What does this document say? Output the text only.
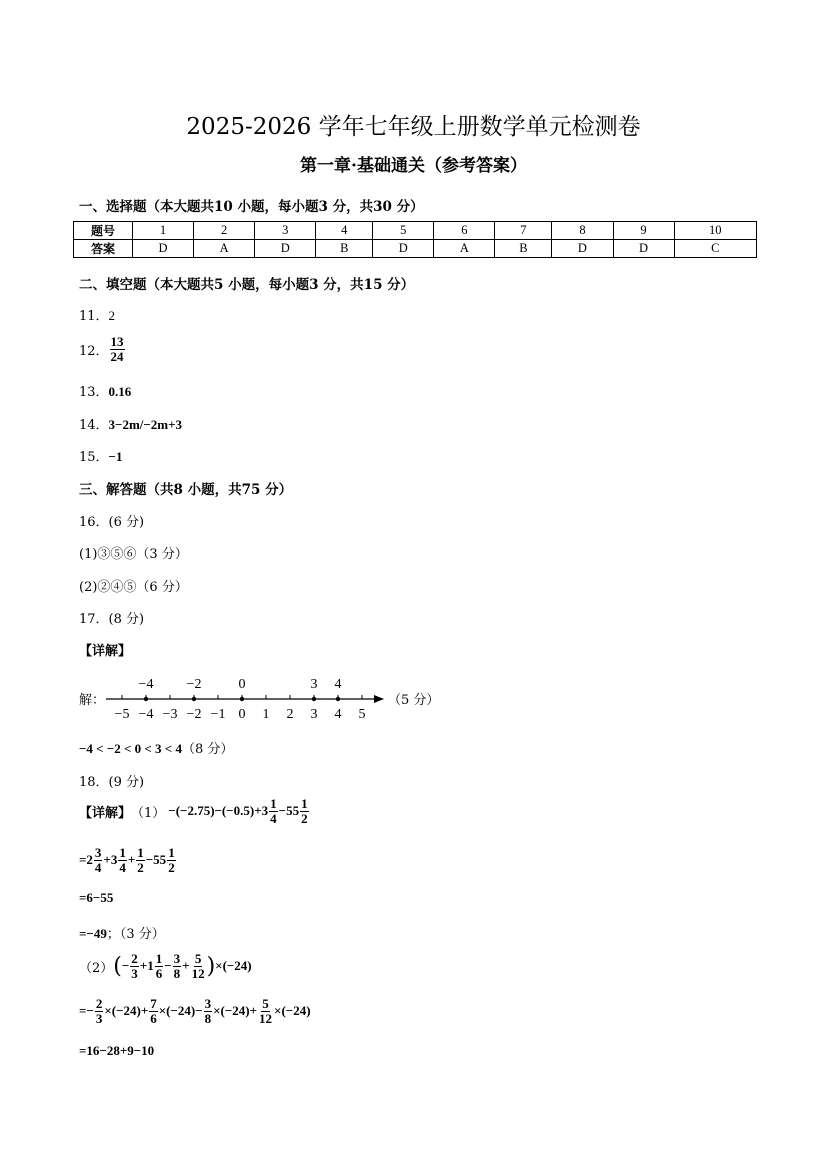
2025-2026 学年七年级上册数学单元检测卷
第一章·基础通关（参考答案）
一、选择题（本大题共10 小题，每小题3 分，共30 分）
题号	1	2	3	4	5	6	7	8	9	10
答案	D	A	D	B	D	A	B	D	D	C
二、填空题（本大题共5 小题，每小题3 分，共15 分）
11．2
12． $\frac{13}{24}$
13．0.16
14．3−2m/−2m+3
15．−1
三、解答题（共8 小题，共75 分）
16．(6 分)
(1)③⑤⑥（3 分）
(2)②④⑤（6 分）
17．(8 分)
【详解】
解：
−5 −4 −3 −2 −1 0 1 2 3 4 5
−4 −2	0	3 4
（5 分）
−4 < −2 < 0 < 3 < 4（8 分）
18．(9 分)
【详解】 $(1) -(-2.75)-(-0.5)+3 \frac{1}{4} -55 \frac{1}{2}$
$=2 \frac{3}{4} +3 \frac{1}{4} + \frac{1}{2} -55 \frac{1}{2}$
=6−55
=−49；（3 分）
（2） ( − $\frac{2}{3} +1 \frac{1}{6} - \frac{3}{8} + \frac{5}{12}$ ) ×(−24)
=− $\frac{2}{3} \times(-24) + \frac{7}{6} \times(-24) - \frac{3}{8} \times(-24) + \frac{5}{12} \times(-24)$
=16−28+9−10
